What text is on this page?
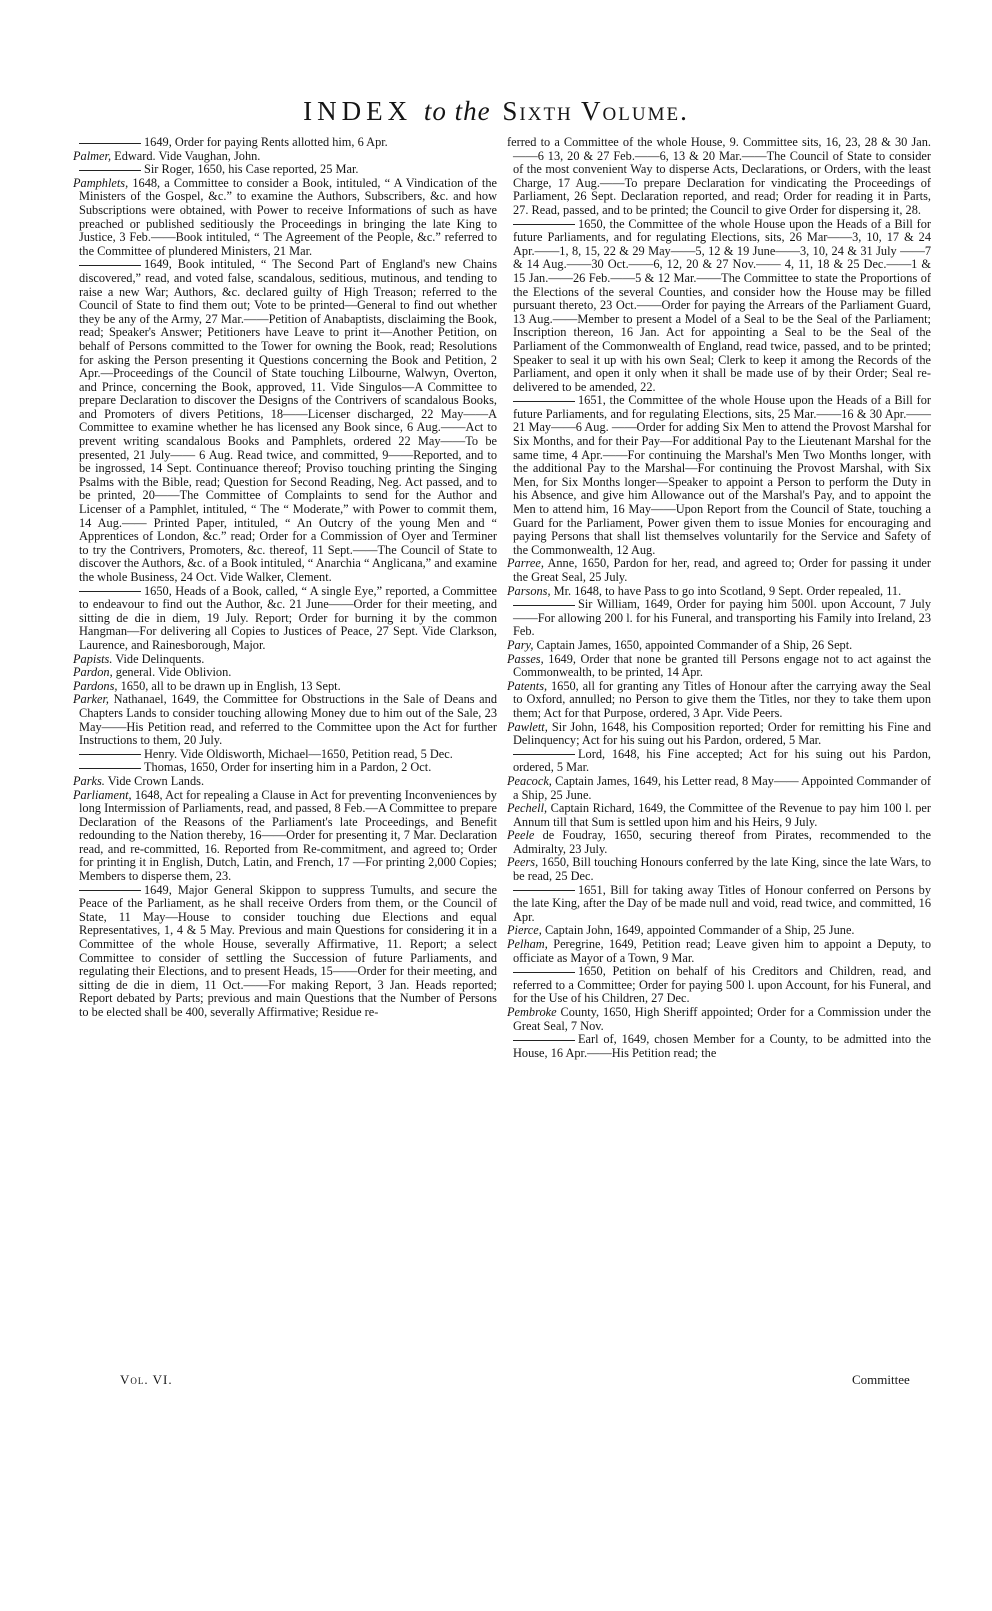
INDEX to the Sixth Volume.

1649, Order for paying Rents allotted him, 6 Apr.

Palmer, Edward. Vide Vaughan, John.

Sir Roger, 1650, his Case reported, 25 Mar.

Pamphlets, 1648, a Committee to consider a Book, intituled, “ A Vindication of the Ministers of the Gospel, &c.” to examine the Authors, Subscribers, &c. and how Subscriptions were obtained, with Power to receive Informations of such as have preached or published seditiously the Proceedings in bringing the late King to Justice, 3 Feb.——Book intituled, “ The Agreement of the People, &c.” referred to the Committee of plundered Ministers, 21 Mar.

1649, Book intituled, “ The Second Part of England's new Chains discovered,” read, and voted false, scandalous, seditious, mutinous, and tending to raise a new War; Authors, &c. declared guilty of High Treason; referred to the Council of State to find them out; Vote to be printed—General to find out whether they be any of the Army, 27 Mar.——Petition of Anabaptists, disclaiming the Book, read; Speaker's Answer; Petitioners have Leave to print it—Another Petition, on behalf of Persons committed to the Tower for owning the Book, read; Resolutions for asking the Person presenting it Questions concerning the Book and Petition, 2 Apr.—Proceedings of the Council of State touching Lilbourne, Walwyn, Overton, and Prince, concerning the Book, approved, 11. Vide Singulos—A Committee to prepare Declaration to discover the Designs of the Contrivers of scandalous Books, and Promoters of divers Petitions, 18——Licenser discharged, 22 May——A Committee to examine whether he has licensed any Book since, 6 Aug.——Act to prevent writing scandalous Books and Pamphlets, ordered 22 May——To be presented, 21 July—— 6 Aug. Read twice, and committed, 9——Reported, and to be ingrossed, 14 Sept. Continuance thereof; Proviso touching printing the Singing Psalms with the Bible, read; Question for Second Reading, Neg. Act passed, and to be printed, 20——The Committee of Complaints to send for the Author and Licenser of a Pamphlet, intituled, “ The “ Moderate,” with Power to commit them, 14 Aug.—— Printed Paper, intituled, “ An Outcry of the young Men and “ Apprentices of London, &c.” read; Order for a Commission of Oyer and Terminer to try the Contrivers, Promoters, &c. thereof, 11 Sept.——The Council of State to discover the Authors, &c. of a Book intituled, “ Anarchia “ Anglicana,” and examine the whole Business, 24 Oct. Vide Walker, Clement.

1650, Heads of a Book, called, “ A single Eye,” reported, a Committee to endeavour to find out the Author, &c. 21 June——Order for their meeting, and sitting de die in diem, 19 July. Report; Order for burning it by the common Hangman—For delivering all Copies to Justices of Peace, 27 Sept. Vide Clarkson, Laurence, and Rainesborough, Major.

Papists. Vide Delinquents.

Pardon, general. Vide Oblivion.

Pardons, 1650, all to be drawn up in English, 13 Sept.

Parker, Nathanael, 1649, the Committee for Obstructions in the Sale of Deans and Chapters Lands to consider touching allowing Money due to him out of the Sale, 23 May——His Petition read, and referred to the Committee upon the Act for further Instructions to them, 20 July.

Henry. Vide Oldisworth, Michael—1650, Petition read, 5 Dec.

Thomas, 1650, Order for inserting him in a Pardon, 2 Oct.

Parks. Vide Crown Lands.

Parliament, 1648, Act for repealing a Clause in Act for preventing Inconveniences by long Intermission of Parliaments, read, and passed, 8 Feb.—A Committee to prepare Declaration of the Reasons of the Parliament's late Proceedings, and Benefit redounding to the Nation thereby, 16——Order for presenting it, 7 Mar. Declaration read, and re-committed, 16. Reported from Re-commitment, and agreed to; Order for printing it in English, Dutch, Latin, and French, 17 —For printing 2,000 Copies; Members to disperse them, 23.

1649, Major General Skippon to suppress Tumults, and secure the Peace of the Parliament, as he shall receive Orders from them, or the Council of State, 11 May—House to consider touching due Elections and equal Representatives, 1, 4 & 5 May. Previous and main Questions for considering it in a Committee of the whole House, severally Affirmative, 11. Report; a select Committee to consider of settling the Succession of future Parliaments, and regulating their Elections, and to present Heads, 15——Order for their meeting, and sitting de die in diem, 11 Oct.——For making Report, 3 Jan. Heads reported; Report debated by Parts; previous and main Questions that the Number of Persons to be elected shall be 400, severally Affirmative; Residue re-

ferred to a Committee of the whole House, 9. Committee sits, 16, 23, 28 & 30 Jan.——6 13, 20 & 27 Feb.——6, 13 & 20 Mar.——The Council of State to consider of the most convenient Way to disperse Acts, Declarations, or Orders, with the least Charge, 17 Aug.——To prepare Declaration for vindicating the Proceedings of Parliament, 26 Sept. Declaration reported, and read; Order for reading it in Parts, 27. Read, passed, and to be printed; the Council to give Order for dispersing it, 28.

1650, the Committee of the whole House upon the Heads of a Bill for future Parliaments, and for regulating Elections, sits, 26 Mar——3, 10, 17 & 24 Apr.——1, 8, 15, 22 & 29 May——5, 12 & 19 June——3, 10, 24 & 31 July ——7 & 14 Aug.——30 Oct.——6, 12, 20 & 27 Nov.—— 4, 11, 18 & 25 Dec.——1 & 15 Jan.——26 Feb.——5 & 12 Mar.——The Committee to state the Proportions of the Elections of the several Counties, and consider how the House may be filled pursuant thereto, 23 Oct.——Order for paying the Arrears of the Parliament Guard, 13 Aug.——Member to present a Model of a Seal to be the Seal of the Parliament; Inscription thereon, 16 Jan. Act for appointing a Seal to be the Seal of the Parliament of the Commonwealth of England, read twice, passed, and to be printed; Speaker to seal it up with his own Seal; Clerk to keep it among the Records of the Parliament, and open it only when it shall be made use of by their Order; Seal re-delivered to be amended, 22.

1651, the Committee of the whole House upon the Heads of a Bill for future Parliaments, and for regulating Elections, sits, 25 Mar.——16 & 30 Apr.——21 May——6 Aug. ——Order for adding Six Men to attend the Provost Marshal for Six Months, and for their Pay—For additional Pay to the Lieutenant Marshal for the same time, 4 Apr.——For continuing the Marshal's Men Two Months longer, with the additional Pay to the Marshal—For continuing the Provost Marshal, with Six Men, for Six Months longer—Speaker to appoint a Person to perform the Duty in his Absence, and give him Allowance out of the Marshal's Pay, and to appoint the Men to attend him, 16 May——Upon Report from the Council of State, touching a Guard for the Parliament, Power given them to issue Monies for encouraging and paying Persons that shall list themselves voluntarily for the Service and Safety of the Commonwealth, 12 Aug.

Parree, Anne, 1650, Pardon for her, read, and agreed to; Order for passing it under the Great Seal, 25 July.

Parsons, Mr. 1648, to have Pass to go into Scotland, 9 Sept. Order repealed, 11.

Sir William, 1649, Order for paying him 500l. upon Account, 7 July——For allowing 200 l. for his Funeral, and transporting his Family into Ireland, 23 Feb.

Pary, Captain James, 1650, appointed Commander of a Ship, 26 Sept.

Passes, 1649, Order that none be granted till Persons engage not to act against the Commonwealth, to be printed, 14 Apr.

Patents, 1650, all for granting any Titles of Honour after the carrying away the Seal to Oxford, annulled; no Person to give them the Titles, nor they to take them upon them; Act for that Purpose, ordered, 3 Apr. Vide Peers.

Pawlett, Sir John, 1648, his Composition reported; Order for remitting his Fine and Delinquency; Act for his suing out his Pardon, ordered, 5 Mar.

Lord, 1648, his Fine accepted; Act for his suing out his Pardon, ordered, 5 Mar.

Peacock, Captain James, 1649, his Letter read, 8 May—— Appointed Commander of a Ship, 25 June.

Pechell, Captain Richard, 1649, the Committee of the Revenue to pay him 100 l. per Annum till that Sum is settled upon him and his Heirs, 9 July.

Peele de Foudray, 1650, securing thereof from Pirates, recommended to the Admiralty, 23 July.

Peers, 1650, Bill touching Honours conferred by the late King, since the late Wars, to be read, 25 Dec.

1651, Bill for taking away Titles of Honour conferred on Persons by the late King, after the Day of be made null and void, read twice, and committed, 16 Apr.

Pierce, Captain John, 1649, appointed Commander of a Ship, 25 June.

Pelham, Peregrine, 1649, Petition read; Leave given him to appoint a Deputy, to officiate as Mayor of a Town, 9 Mar.

1650, Petition on behalf of his Creditors and Children, read, and referred to a Committee; Order for paying 500 l. upon Account, for his Funeral, and for the Use of his Children, 27 Dec.

Pembroke County, 1650, High Sheriff appointed; Order for a Commission under the Great Seal, 7 Nov.

Earl of, 1649, chosen Member for a County, to be admitted into the House, 16 Apr.——His Petition read; the

Vol. VI.	Committee
